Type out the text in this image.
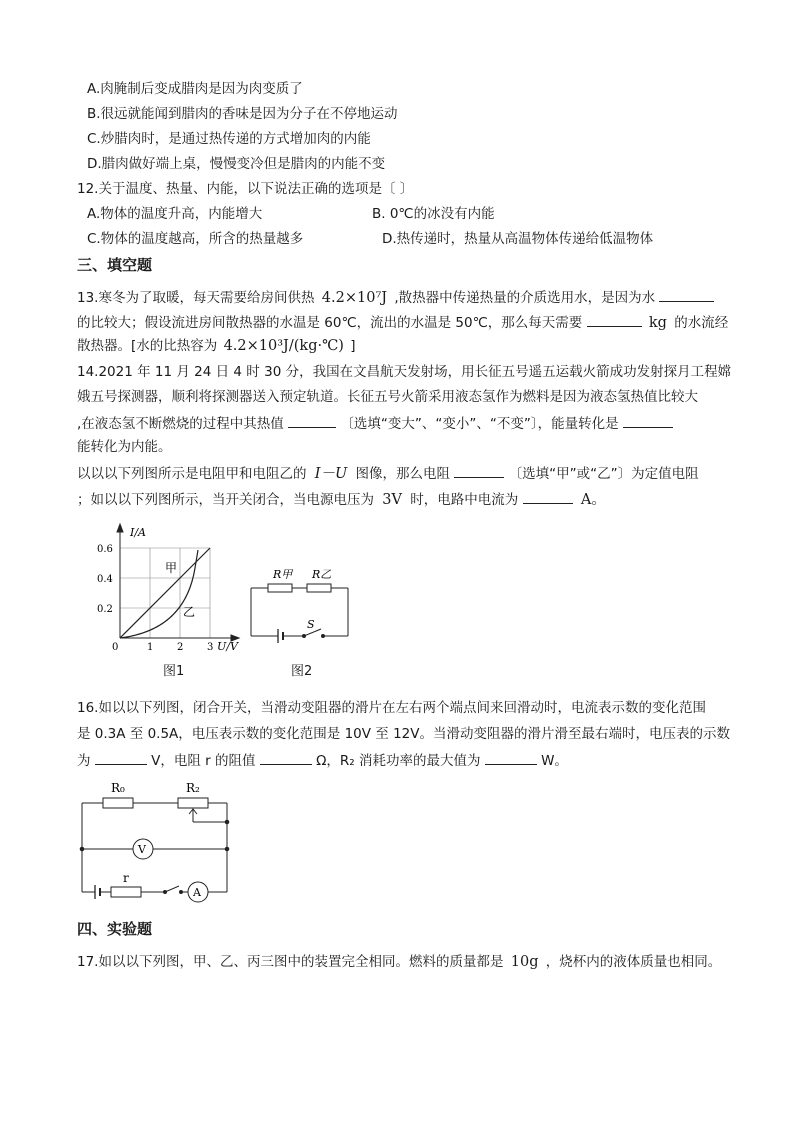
A.肉腌制后变成腊肉是因为肉变质了
B.很远就能闻到腊肉的香味是因为分子在不停地运动
C.炒腊肉时，是通过热传递的方式增加肉的内能
D.腊肉做好端上桌，慢慢变冷但是腊肉的内能不变
12.关于温度、热量、内能，以下说法正确的选项是〔 〕
A.物体的温度升高，内能增大	B. 0℃的冰没有内能
C.物体的温度越高，所含的热量越多	D.热传递时，热量从高温物体传递给低温物体
三、填空题
13.寒冬为了取暖，每天需要给房间供热 4.2×10⁷J ,散热器中传递热量的介质选用水，是因为水
的比较大；假设流进房间散热器的水温是 60℃，流出的水温是 50℃，那么每天需要	kg 的水流经
散热器。[水的比热容为 4.2×10³J/(kg·℃) ]
14.2021 年 11 月 24 日 4 时 30 分，我国在文昌航天发射场，用长征五号遥五运载火箭成功发射探月工程嫦
娥五号探测器，顺利将探测器送入预定轨道。长征五号火箭采用液态氢作为燃料是因为液态氢热值比较大
,在液态氢不断燃烧的过程中其热值	〔选填“变大”、“变小”、“不变”〕，能量转化是
能转化为内能。
以以以下列图所示是电阻甲和电阻乙的 I－U 图像，那么电阻	〔选填“甲”或“乙”〕为定值电阻
；如以以下列图所示，当开关闭合，当电源电压为 3V 时，电路中电流为	A。
I/A
U/V
甲
乙
0.6
0.4
0.2
0	1 2 3
图1
R甲 R乙
S
图2
16.如以以下列图，闭合开关，当滑动变阻器的滑片在左右两个端点间来回滑动时，电流表示数的变化范围
是 0.3A 至 0.5A，电压表示数的变化范围是 10V 至 12V。当滑动变阻器的滑片滑至最右端时，电压表的示数
为	V，电阻 r 的阻值	Ω，R₂ 消耗功率的最大值为	W。
R₀	R₂
r
V
A
四、实验题
17.如以以下列图，甲、乙、丙三图中的装置完全相同。燃料的质量都是 10g ，烧杯内的液体质量也相同。
